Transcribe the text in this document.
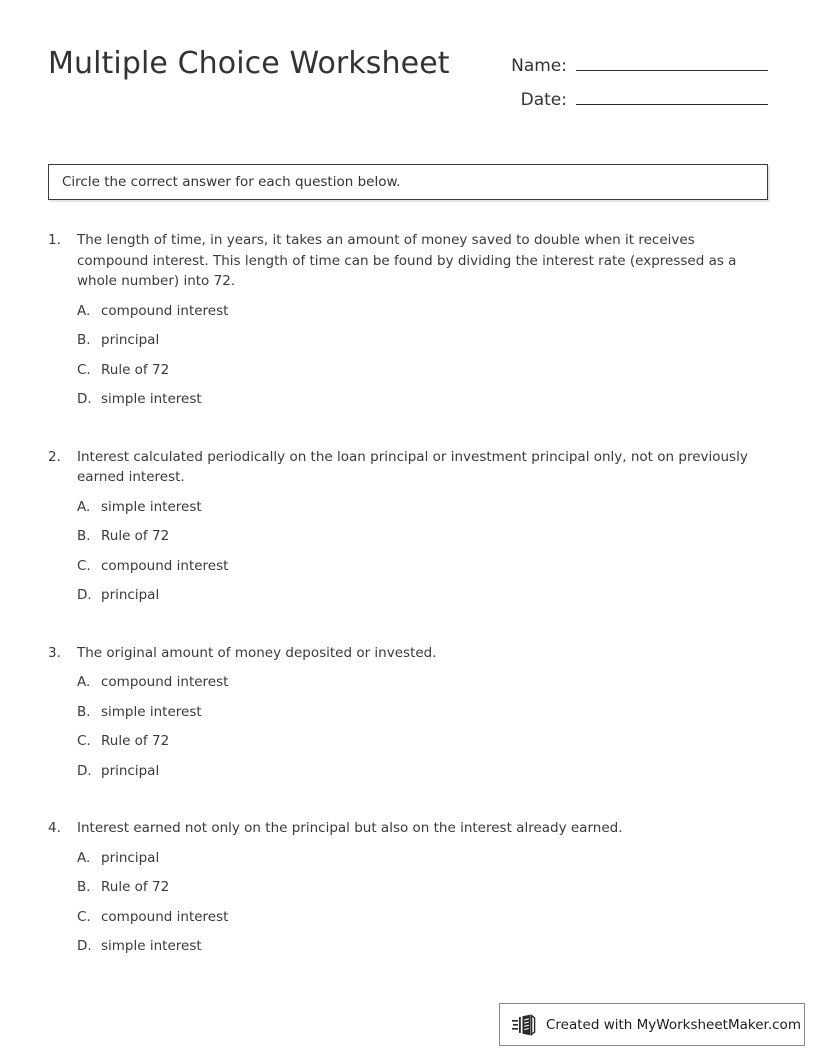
Multiple Choice Worksheet	Name:
Date:
Circle the correct answer for each question below.
1.	The length of time, in years, it takes an amount of money saved to double when it receives compound interest. This length of time can be found by dividing the interest rate (expressed as a whole number) into 72.
A. compound interest
B. principal
C. Rule of 72
D. simple interest
2.	Interest calculated periodically on the loan principal or investment principal only, not on previously earned interest.
A. simple interest
B. Rule of 72
C. compound interest
D. principal
3.	The original amount of money deposited or invested.
A. compound interest
B. simple interest
C. Rule of 72
D. principal
4.	Interest earned not only on the principal but also on the interest already earned.
A. principal
B. Rule of 72
C. compound interest
D. simple interest
Created with MyWorksheetMaker.com
